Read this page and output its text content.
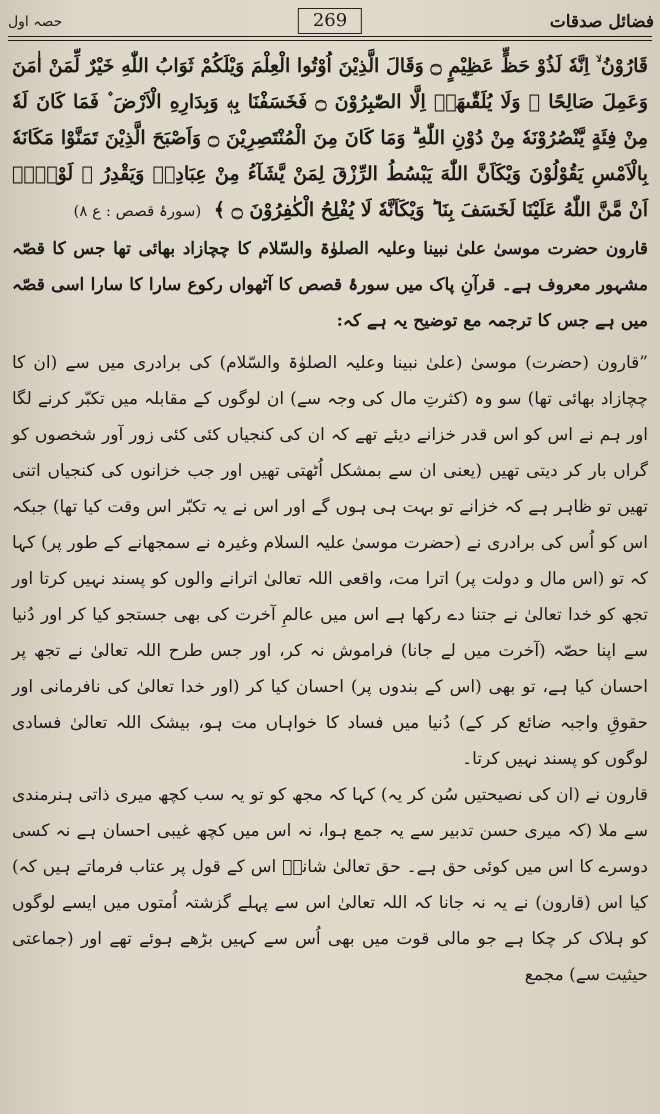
حصہ اول	269	فضائل صدقات

قَارُوْنُ ۙ اِنَّهٗ لَذُوْ حَظٍّ عَظِیْمٍ ۝ وَقَالَ الَّذِیْنَ اُوْتُوا الْعِلْمَ وَیْلَكُمْ ثَوَابُ اللّٰهِ خَیْرٌ لِّمَنْ اٰمَنَ وَعَمِلَ صَالِحًا ۚ وَلَا یُلَقّٰىهَاۤ اِلَّا الصّٰبِرُوْنَ ۝ فَخَسَفْنَا بِهٖ وَبِدَارِهِ الْاَرْضَ ۫ فَمَا كَانَ لَهٗ مِنْ فِئَةٍ یَّنْصُرُوْنَهٗ مِنْ دُوْنِ اللّٰهِ ۗ وَمَا كَانَ مِنَ الْمُنْتَصِرِیْنَ ۝ وَاَصْبَحَ الَّذِیْنَ تَمَنَّوْا مَكَانَهٗ بِالْاَمْسِ یَقُوْلُوْنَ وَیْكَاَنَّ اللّٰهَ یَبْسُطُ الرِّزْقَ لِمَنْ یَّشَآءُ مِنْ عِبَادِهٖ وَیَقْدِرُ ۚ لَوْلَاۤ اَنْ مَّنَّ اللّٰهُ عَلَیْنَا لَخَسَفَ بِنَا ؕ وَیْكَاَنَّهٗ لَا یُفْلِحُ الْكٰفِرُوْنَ ۝ ﴾ (سورۂ قصص : ع ۸)

قارون حضرت موسیٰ علیٰ نبینا وعلیہ الصلوٰۃ والسّلام کا چچازاد بھائی تھا جس کا قصّہ مشہور معروف ہے۔ قرآنِ پاک میں سورۂ قصص کا آٹھواں رکوع سارا کا سارا اسی قصّہ میں ہے جس کا ترجمہ مع توضیح یہ ہے کہ:

”قارون (حضرت) موسیٰ (علیٰ نبینا وعلیہ الصلوٰۃ والسّلام) کی برادری میں سے (ان کا چچازاد بھائی تھا) سو وہ (کثرتِ مال کی وجہ سے) ان لوگوں کے مقابلہ میں تکبّر کرنے لگا اور ہم نے اس کو اس قدر خزانے دیئے تھے کہ ان کی کنجیاں کئی کئی زور آور شخصوں کو گراں بار کر دیتی تھیں (یعنی ان سے بمشکل اُٹھتی تھیں اور جب خزانوں کی کنجیاں اتنی تھیں تو ظاہر ہے کہ خزانے تو بہت ہی ہوں گے اور اس نے یہ تکبّر اس وقت کیا تھا) جبکہ اس کو اُس کی برادری نے (حضرت موسیٰ علیہ السلام وغیرہ نے سمجھانے کے طور پر) کہا کہ تو (اس مال و دولت پر) اترا مت، واقعی اللہ تعالیٰ اترانے والوں کو پسند نہیں کرتا اور تجھ کو خدا تعالیٰ نے جتنا دے رکھا ہے اس میں عالمِ آخرت کی بھی جستجو کیا کر اور دُنیا سے اپنا حصّہ (آخرت میں لے جانا) فراموش نہ کر، اور جس طرح اللہ تعالیٰ نے تجھ پر احسان کیا ہے، تو بھی (اس کے بندوں پر) احسان کیا کر (اور خدا تعالیٰ کی نافرمانی اور حقوقِ واجبہ ضائع کر کے) دُنیا میں فساد کا خواہاں مت ہو، بیشک اللہ تعالیٰ فسادی لوگوں کو پسند نہیں کرتا۔

قارون نے (ان کی نصیحتیں سُن کر یہ) کہا کہ مجھ کو تو یہ سب کچھ میری ذاتی ہنرمندی سے ملا (کہ میری حسن تدبیر سے یہ جمع ہوا، نہ اس میں کچھ غیبی احسان ہے نہ کسی دوسرے کا اس میں کوئی حق ہے۔ حق تعالیٰ شانہٗ اس کے قول پر عتاب فرماتے ہیں کہ) کیا اس (قارون) نے یہ نہ جانا کہ اللہ تعالیٰ اس سے پہلے گزشتہ اُمتوں میں ایسے لوگوں کو ہلاک کر چکا ہے جو مالی قوت میں بھی اُس سے کہیں بڑھے ہوئے تھے اور (جماعتی حیثیت سے) مجمع
